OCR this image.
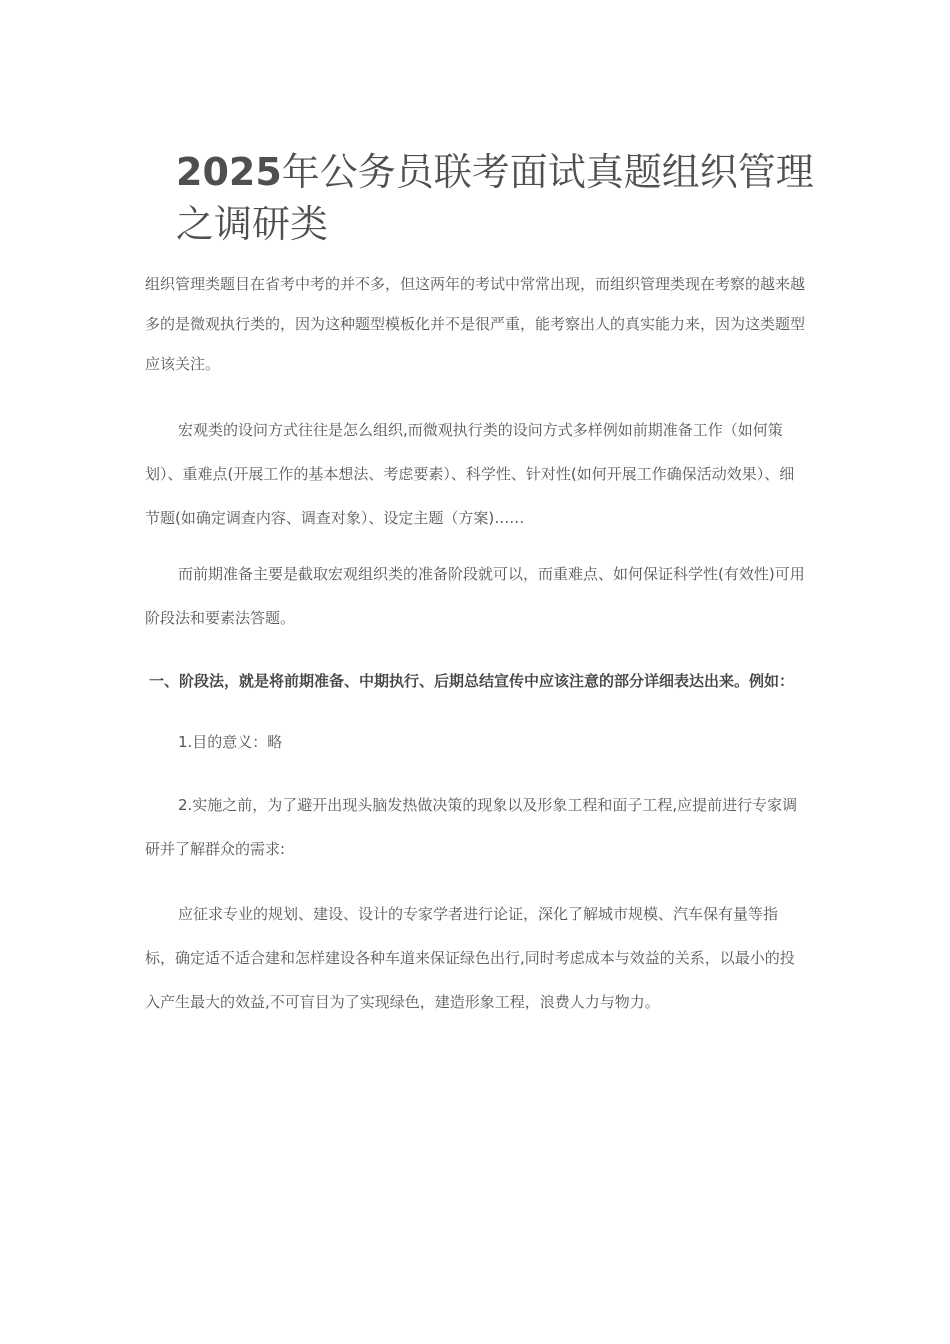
2025年公务员联考面试真题组织管理之调研类

组织管理类题目在省考中考的并不多，但这两年的考试中常常出现，而组织管理类现在考察的越来越多的是微观执行类的，因为这种题型模板化并不是很严重，能考察出人的真实能力来，因为这类题型应该关注。

宏观类的设问方式往往是怎么组织,而微观执行类的设问方式多样例如前期准备工作（如何策划）、重难点(开展工作的基本想法、考虑要素）、科学性、针对性(如何开展工作确保活动效果）、细节题(如确定调查内容、调查对象）、设定主题（方案)……

而前期准备主要是截取宏观组织类的准备阶段就可以，而重难点、如何保证科学性(有效性)可用阶段法和要素法答题。

一、阶段法，就是将前期准备、中期执行、后期总结宣传中应该注意的部分详细表达出来。例如：

1.目的意义：略

2.实施之前，为了避开出现头脑发热做决策的现象以及形象工程和面子工程,应提前进行专家调研并了解群众的需求:

应征求专业的规划、建设、设计的专家学者进行论证，深化了解城市规模、汽车保有量等指标，确定适不适合建和怎样建设各种车道来保证绿色出行,同时考虑成本与效益的关系，以最小的投入产生最大的效益,不可盲目为了实现绿色，建造形象工程，浪费人力与物力。
